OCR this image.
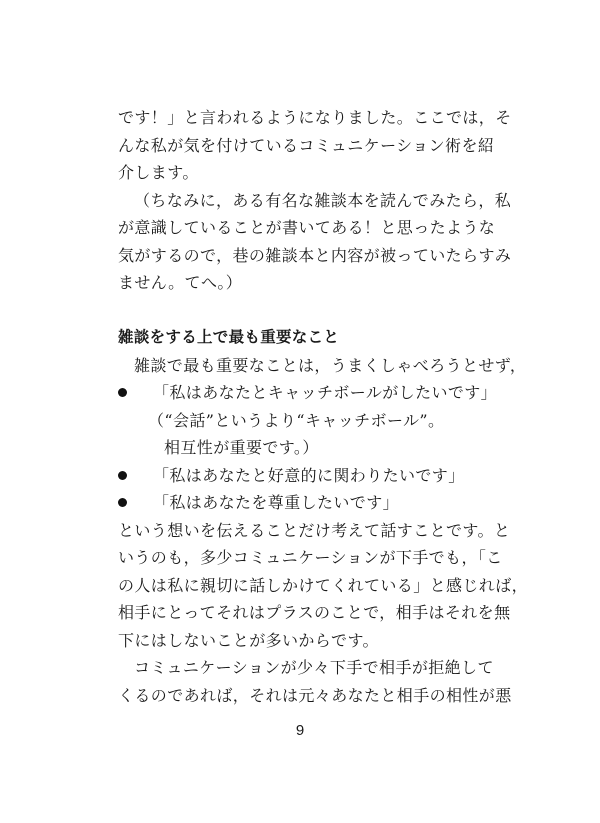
です！」と言われるようになりました。ここでは，そ
んな私が気を付けているコミュニケーション術を紹
介します。
（ちなみに，ある有名な雑談本を読んでみたら，私
が意識していることが書いてある！と思ったような
気がするので，巷の雑談本と内容が被っていたらすみ
ません。てへ。）
雑談をする上で最も重要なこと
雑談で最も重要なことは，うまくしゃべろうとせず，
「私はあなたとキャッチボールがしたいです」
（“会話”というより“キャッチボール”。
相互性が重要です。）
「私はあなたと好意的に関わりたいです」
「私はあなたを尊重したいです」
という想いを伝えることだけ考えて話すことです。と
いうのも，多少コミュニケーションが下手でも，「こ
の人は私に親切に話しかけてくれている」と感じれば，
相手にとってそれはプラスのことで，相手はそれを無
下にはしないことが多いからです。
コミュニケーションが少々下手で相手が拒絶して
くるのであれば，それは元々あなたと相手の相性が悪
9
